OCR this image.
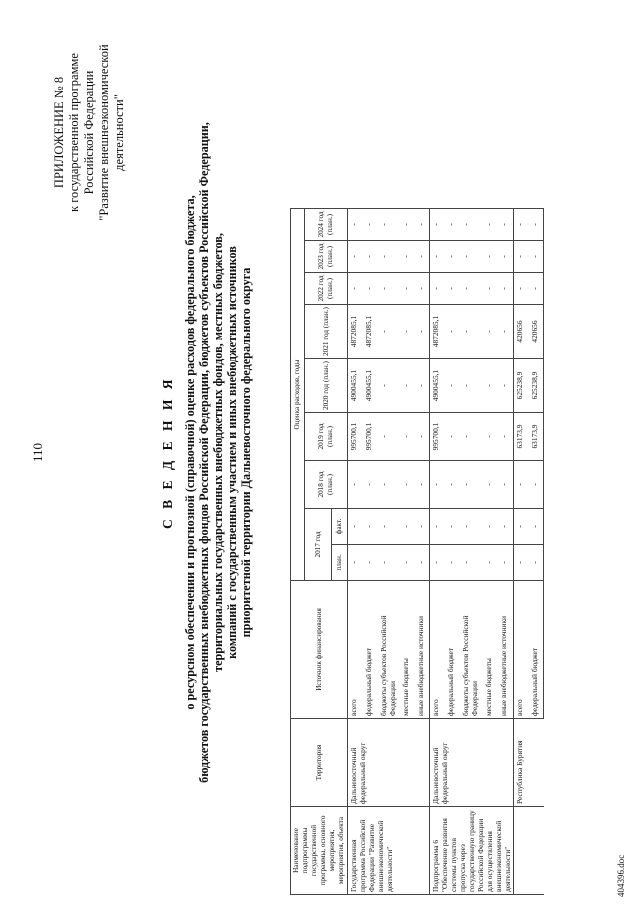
110
ПРИЛОЖЕНИЕ № 8 к государственной программе Российской Федерации "Развитие внешнеэкономической деятельности"
С В Е Д Е Н И Я о ресурсном обеспечении и прогнозной (справочной) оценке расходов федерального бюджета, бюджетов государственных внебюджетных фондов Российской Федерации, бюджетов субъектов Российской Федерации, территориальных государственных внебюджетных фондов, местных бюджетов, компаний с государственным участием и иных внебюджетных источников приоритетной территории Дальневосточного федерального округа
Наименование подпрограммы государственной программы, основного мероприятия, мероприятия, объекта	Территория	Источник финансирования	Оценка расходов, годы								
			2017 год		2018 год (план.)	2019 год (план.)	2020 год (план.)	2021 год (план.)	2022 год (план.)	2023 год (план.)	2024 год (план.)
			план.	факт.							
Государственная программа Российской Федерации "Развитие внешнеэкономической деятельности"	Дальневосточный федеральный округ	всего	-	-	-	995700,1	4900455,1	4872085,1	-	-	-
		федеральный бюджет	-	-	-	995700,1	4900455,1	4872085,1	-	-	-
		бюджеты субъектов Российской Федерации	-	-	-	-	-	-	-	-	-
		местные бюджеты	-	-	-	-	-	-	-	-	-
		иные внебюджетные источники	-	-	-	-	-	-	-	-	-
Подпрограмма 6 "Обеспечение развития системы пунктов пропуска через государственную границу Российской Федерации для осуществления внешнеэкономической деятельности"	Дальневосточный федеральный округ	всего	-	-	-	995700,1	4900455,1	4872085,1	-	-	-
		федеральный бюджет	-	-	-	-	-	-	-	-	-
		бюджеты субъектов Российской Федерации	-	-	-	-	-	-	-	-	-
		местные бюджеты	-	-	-	-	-	-	-	-	-
		иные внебюджетные источники	-	-	-	-	-	-	-	-	-
	Республика Бурятия	всего	-	-	-	63173,9	625238,9	420656	-	-	-
		федеральный бюджет	-	-	-	63173,9	625238,9	420656	-	-	-
404396.doc
